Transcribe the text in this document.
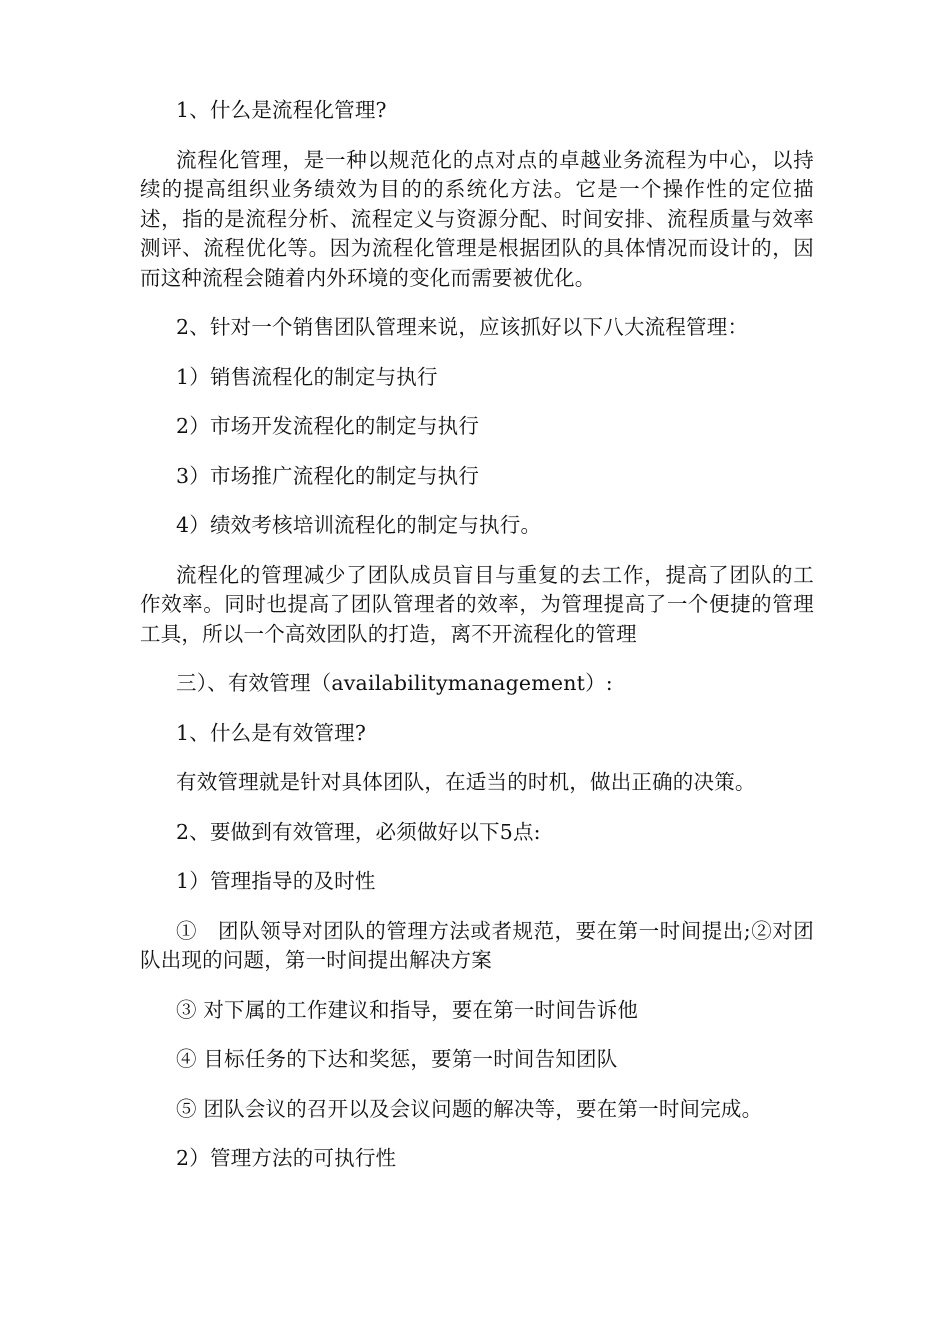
1、什么是流程化管理?

流程化管理，是一种以规范化的点对点的卓越业务流程为中心，以持续的提高组织业务绩效为目的的系统化方法。它是一个操作性的定位描述，指的是流程分析、流程定义与资源分配、时间安排、流程质量与效率测评、流程优化等。因为流程化管理是根据团队的具体情况而设计的，因而这种流程会随着内外环境的变化而需要被优化。

2、针对一个销售团队管理来说，应该抓好以下八大流程管理：

1）销售流程化的制定与执行

2）市场开发流程化的制定与执行

3）市场推广流程化的制定与执行

4）绩效考核培训流程化的制定与执行。

流程化的管理减少了团队成员盲目与重复的去工作，提高了团队的工作效率。同时也提高了团队管理者的效率，为管理提高了一个便捷的管理工具，所以一个高效团队的打造，离不开流程化的管理

三）、有效管理（availabilitymanagement）:

1、什么是有效管理?

有效管理就是针对具体团队，在适当的时机，做出正确的决策。

2、要做到有效管理，必须做好以下5点:

1）管理指导的及时性

①　团队领导对团队的管理方法或者规范，要在第一时间提出;②对团队出现的问题，第一时间提出解决方案

③ 对下属的工作建议和指导，要在第一时间告诉他

④ 目标任务的下达和奖惩，要第一时间告知团队

⑤ 团队会议的召开以及会议问题的解决等，要在第一时间完成。

2）管理方法的可执行性
